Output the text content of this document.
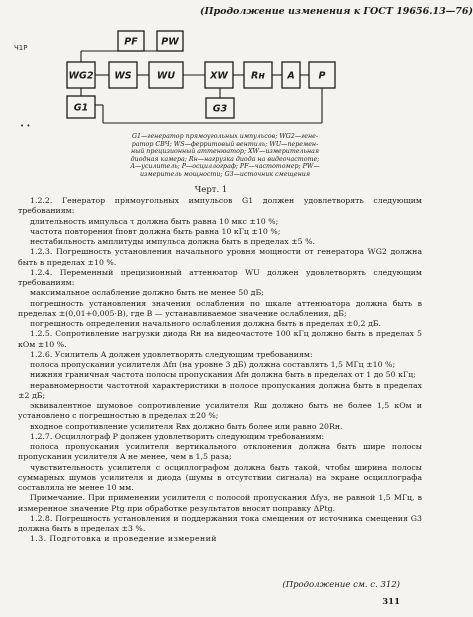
(Продолжение изменения к ГОСТ 19656.13—76)
Ч1Р
• •
PF PW
WG2 WS	WU	XW Rн A	P
G1	G3
G1—генератор прямоугольных импульсов; WG2—гене-
ратор СВЧ; WS—ферритовый вентиль; WU—перемен-
ный прецизионный аттенюатор; XW—измерительная
диодная камера; Rн—нагрузка диода на видеочастоте;
A—усилитель; P—осциллограф; PF—частотомер; PW—
измеритель мощности; G3—источник смещения
Черт. 1

1.2.2. Генератор прямоугольных импульсов G1 должен удовлетворять следующим требованиям:

длительность импульса τ должна быть равна 10 мкс ±10 %;

частота повторения fповт должна быть равна 10 кГц ±10 %;

нестабильность амплитуды импульса должна быть в пределах ±5 %.

1.2.3. Погрешность установления начального уровня мощности от генератора WG2 должна быть в пределах ±10 %.

1.2.4. Переменный прецизионный аттенюатор WU должен удовлетворять следующим требованиям:

максимальное ослабление должно быть не менее 50 дБ;

погрешность установления значения ослабления по шкале аттенюатора должна быть в пределах ±(0,01+0,005·B), где B — устанавливаемое значение ослабления, дБ;

погрешность определения начального ослабления должна быть в пределах ±0,2 дБ.

1.2.5. Сопротивление нагрузки диода Rн на видеочастоте 100 кГц должно быть в пределах 5 кОм ±10 %.

1.2.6. Усилитель A должен удовлетворять следующим требованиям:

полоса пропускания усилителя Δfп (на уровне 3 дБ) должна составлять 1,5 МГц ±10 %;

нижняя граничная частота полосы пропускания Δfн должна быть в пределах от 1 до 50 кГц;

неравномерности частотной характеристики в полосе пропускания должна быть в пределах ±2 дБ;

эквивалентное шумовое сопротивление усилителя Rш должно быть не более 1,5 кОм и установлено с погрешностью в пределах ±20 %;

входное сопротивление усилителя Rвх должно быть более или равно 20Rн.

1.2.7. Осциллограф P должен удовлетворять следующим требованиям:

полоса пропускания усилителя вертикального отклонения должна быть шире полосы пропускания усилителя A не менее, чем в 1,5 раза;

чувствительность усилителя с осциллографом должна быть такой, чтобы ширина полосы суммарных шумов усилителя и диода (шумы в отсутствии сигнала) на экране осциллографа составляла не менее 10 мм.

Примечание. При применении усилителя с полосой пропускания Δfуз, не равной 1,5 МГц, в измеренное значение Ptg при обработке результатов вносят поправку ΔPtg.

1.2.8. Погрешность установления и поддержания тока смещения от источника смещения G3 должна быть в пределах ±3 %.

1.3. Подготовка и проведение измерений

(Продолжение см. с. 312)
311
